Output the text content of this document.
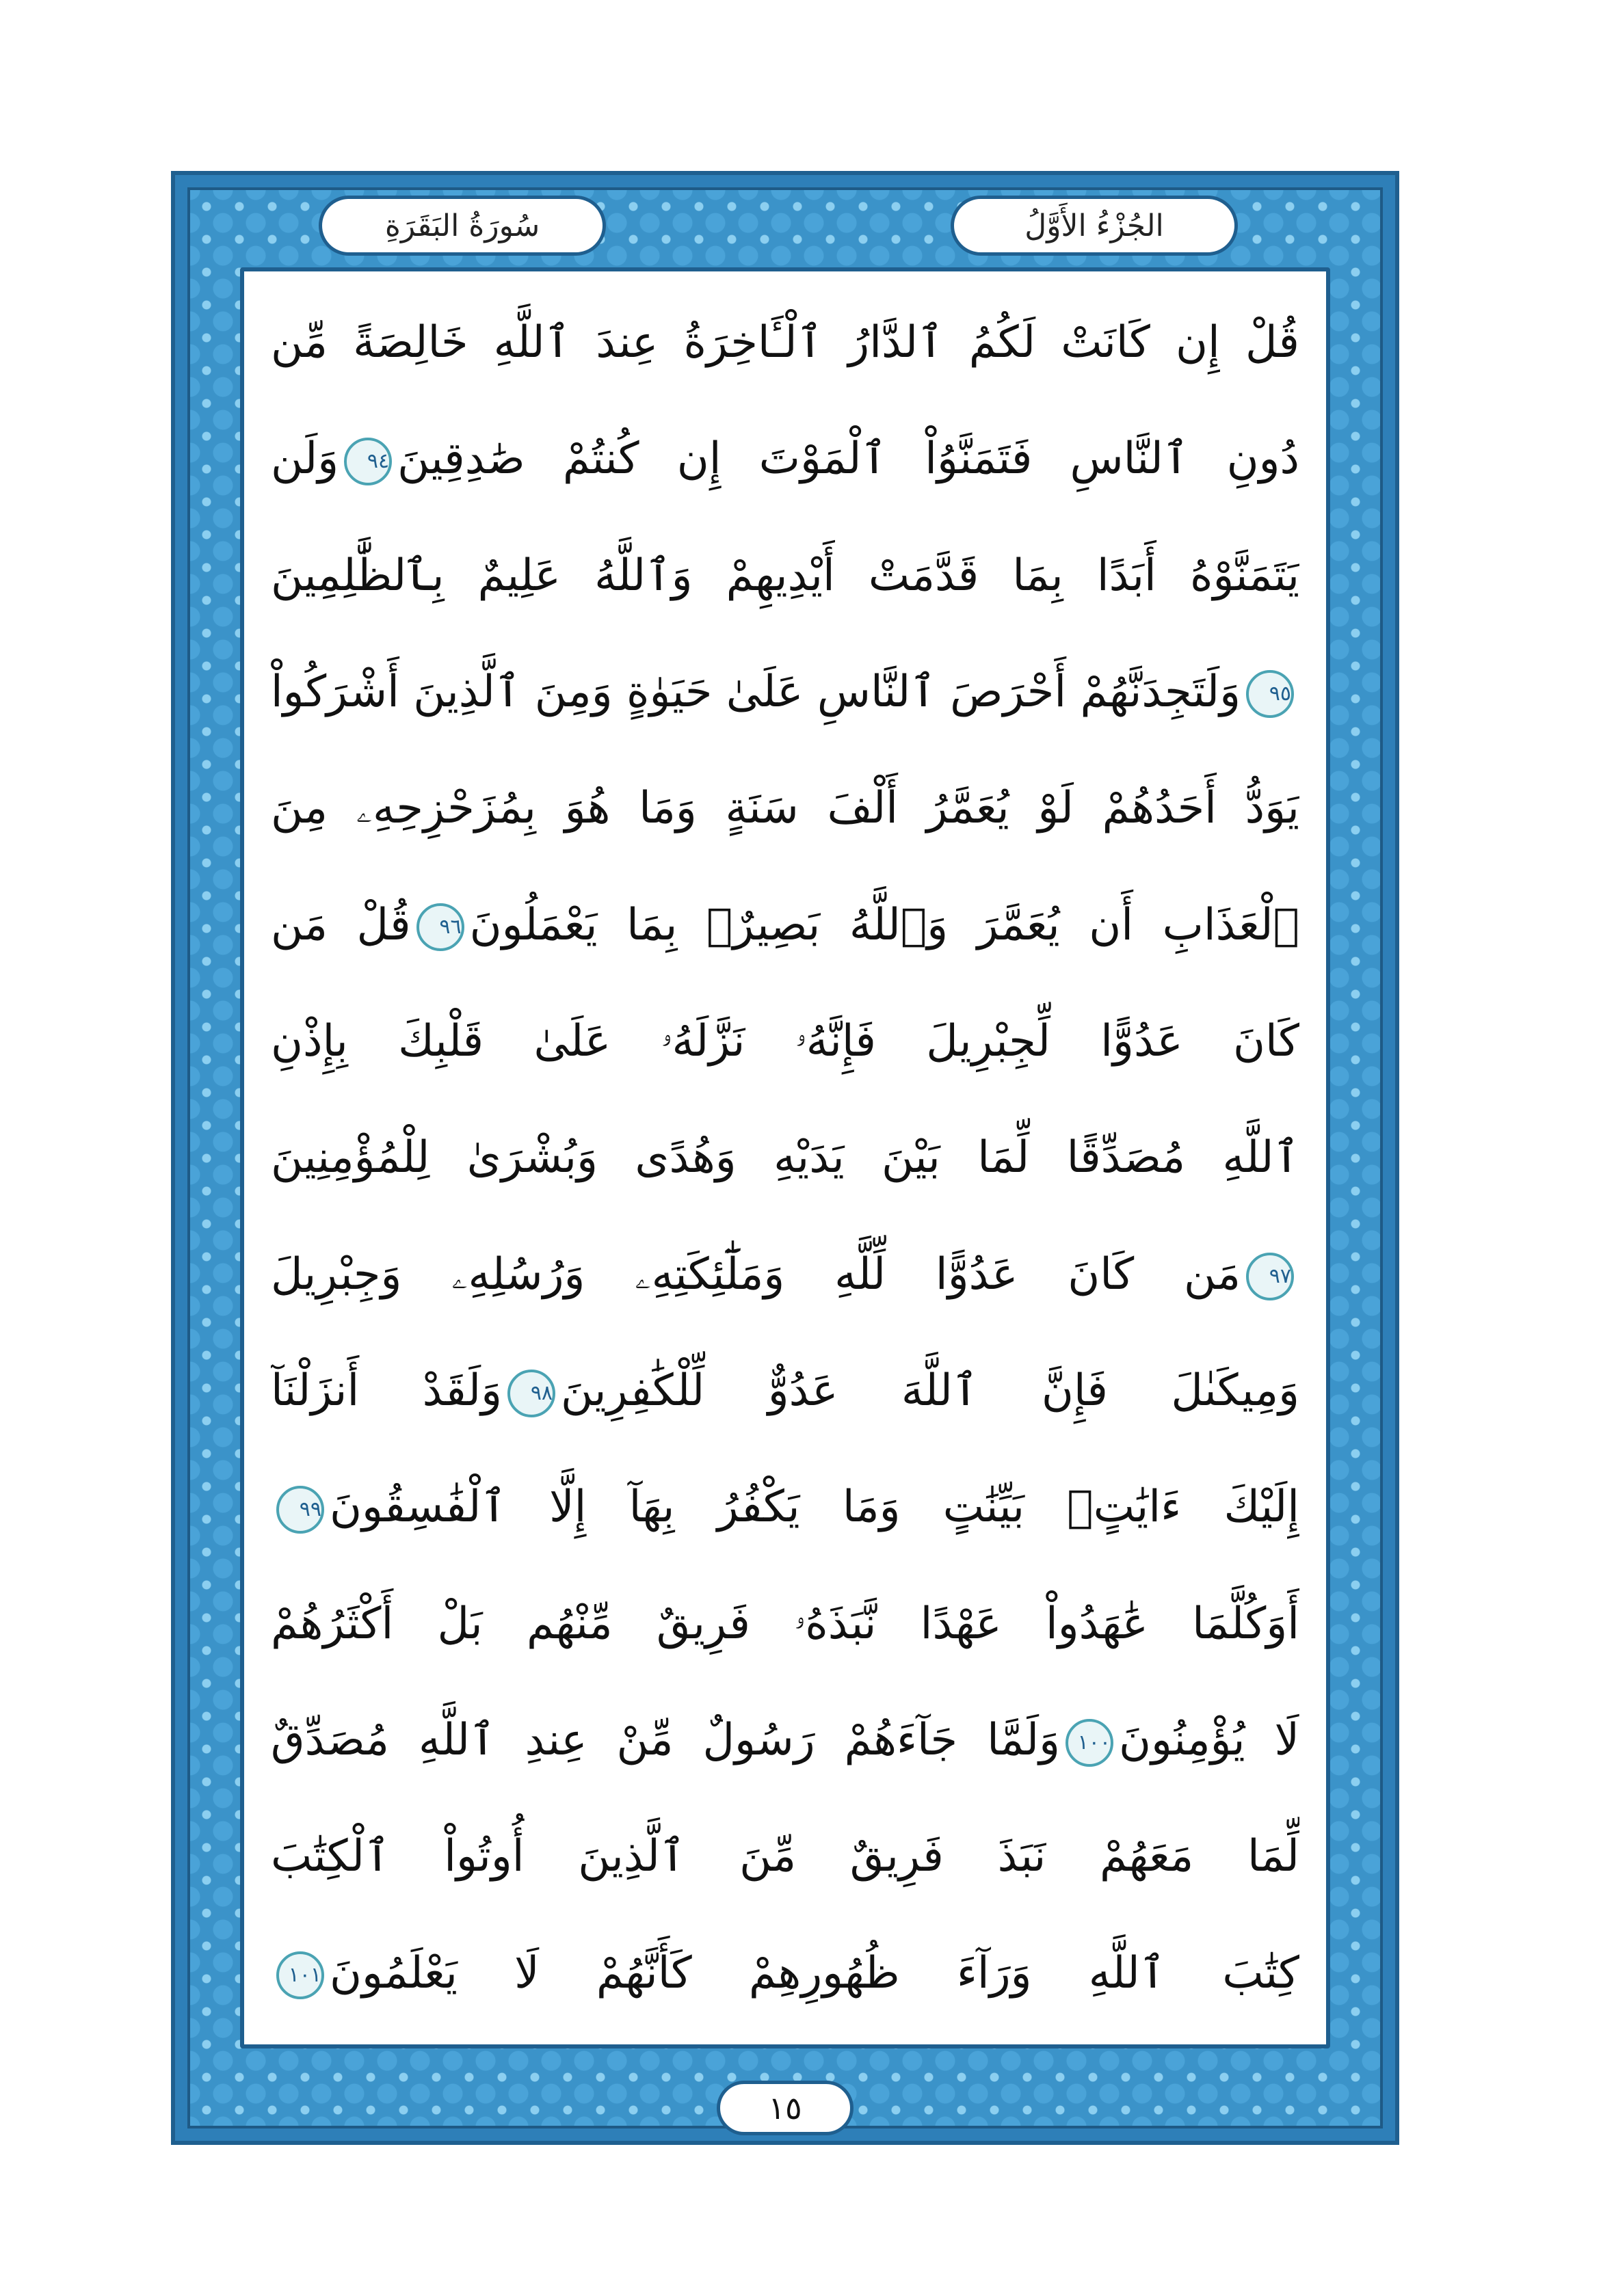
سُورَةُ البَقَرَةِ	الجُزْءُ الأَوَّلُ
قُلْ إِن كَانَتْ لَكُمُ ٱلدَّارُ ٱلْـَٔاخِرَةُ عِندَ ٱللَّهِ خَالِصَةً مِّن
دُونِ ٱلنَّاسِ فَتَمَنَّوُاْ ٱلْمَوْتَ إِن كُنتُمْ صَٰدِقِينَ٩٤وَلَن
يَتَمَنَّوْهُ أَبَدًا بِمَا قَدَّمَتْ أَيْدِيهِمْ وَٱللَّهُ عَلِيمٌ بِٱلظَّٰلِمِينَ
٩٥وَلَتَجِدَنَّهُمْ أَحْرَصَ ٱلنَّاسِ عَلَىٰ حَيَوٰةٍ وَمِنَ ٱلَّذِينَ أَشْرَكُواْ
يَوَدُّ أَحَدُهُمْ لَوْ يُعَمَّرُ أَلْفَ سَنَةٍ وَمَا هُوَ بِمُزَحْزِحِهِۦ مِنَ
ٱلْعَذَابِ أَن يُعَمَّرَ وَٱللَّهُ بَصِيرٌۢ بِمَا يَعْمَلُونَ٩٦قُلْ مَن
كَانَ عَدُوًّا لِّجِبْرِيلَ فَإِنَّهُۥ نَزَّلَهُۥ عَلَىٰ قَلْبِكَ بِإِذْنِ
ٱللَّهِ مُصَدِّقًا لِّمَا بَيْنَ يَدَيْهِ وَهُدًى وَبُشْرَىٰ لِلْمُؤْمِنِينَ
٩٧مَن كَانَ عَدُوًّا لِّلَّهِ وَمَلَٰٓئِكَتِهِۦ وَرُسُلِهِۦ وَجِبْرِيلَ
وَمِيكَىٰلَ فَإِنَّ ٱللَّهَ عَدُوٌّ لِّلْكَٰفِرِينَ٩٨وَلَقَدْ أَنزَلْنَآ
إِلَيْكَ ءَايَٰتٍۭ بَيِّنَٰتٍ وَمَا يَكْفُرُ بِهَآ إِلَّا ٱلْفَٰسِقُونَ٩٩
أَوَكُلَّمَا عَٰهَدُواْ عَهْدًا نَّبَذَهُۥ فَرِيقٌ مِّنْهُم بَلْ أَكْثَرُهُمْ
لَا يُؤْمِنُونَ١٠٠وَلَمَّا جَآءَهُمْ رَسُولٌ مِّنْ عِندِ ٱللَّهِ مُصَدِّقٌ
لِّمَا مَعَهُمْ نَبَذَ فَرِيقٌ مِّنَ ٱلَّذِينَ أُوتُواْ ٱلْكِتَٰبَ
كِتَٰبَ ٱللَّهِ وَرَآءَ ظُهُورِهِمْ كَأَنَّهُمْ لَا يَعْلَمُونَ١٠١
١٥
